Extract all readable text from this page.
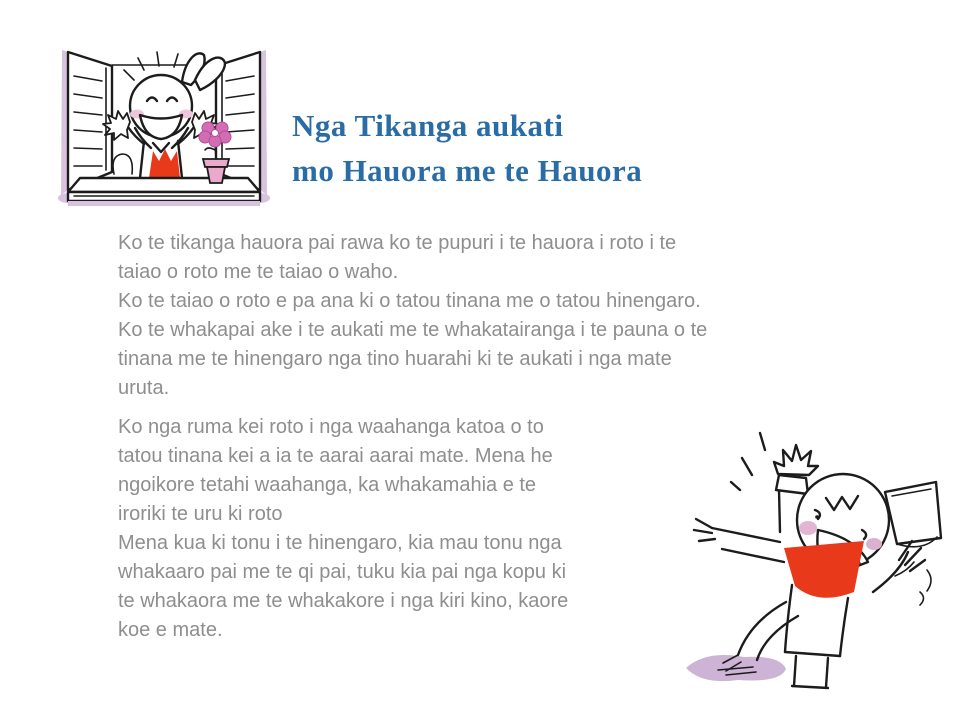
Nga Tikanga aukati
mo Hauora me te Hauora
Ko te tikanga hauora pai rawa ko te pupuri i te hauora i roto i te
taiao o roto me te taiao o waho.
Ko te taiao o roto e pa ana ki o tatou tinana me o tatou hinengaro.
Ko te whakapai ake i te aukati me te whakatairanga i te pauna o te
tinana me te hinengaro nga tino huarahi ki te aukati i nga mate
uruta.
Ko nga ruma kei roto i nga waahanga katoa o to
tatou tinana kei a ia te aarai aarai mate. Mena he
ngoikore tetahi waahanga, ka whakamahia e te
iroriki te uru ki roto
Mena kua ki tonu i te hinengaro, kia mau tonu nga
whakaaro pai me te qi pai, tuku kia pai nga kopu ki
te whakaora me te whakakore i nga kiri kino, kaore
koe e mate.
